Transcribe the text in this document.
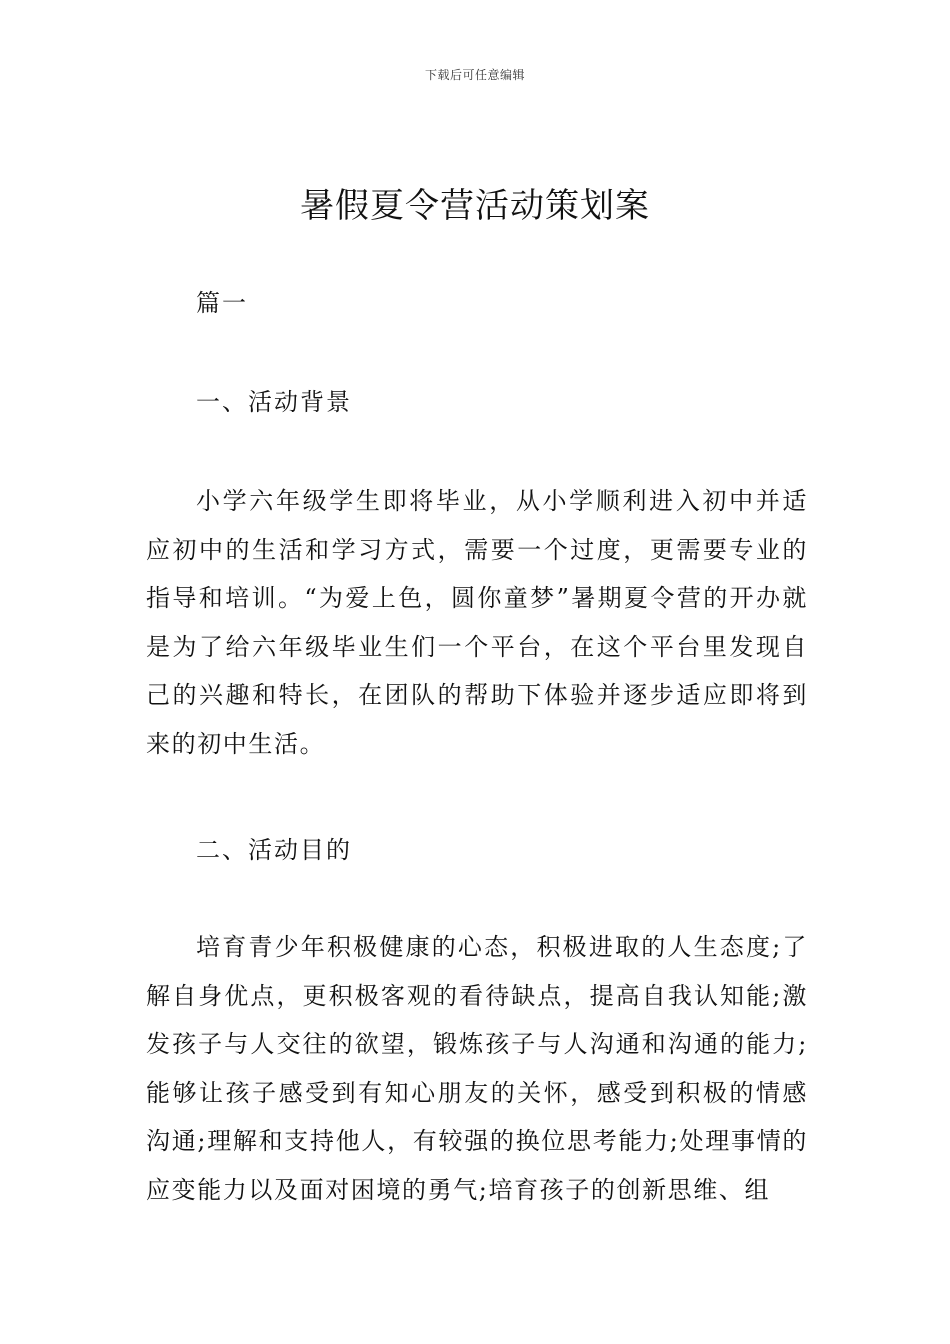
下载后可任意编辑
暑假夏令营活动策划案
篇一
一、活动背景

小学六年级学生即将毕业，从小学顺利进入初中并适应初中的生活和学习方式，需要一个过度，更需要专业的指导和培训。“为爱上色，圆你童梦”暑期夏令营的开办就是为了给六年级毕业生们一个平台，在这个平台里发现自己的兴趣和特长，在团队的帮助下体验并逐步适应即将到来的初中生活。

二、活动目的

培育青少年积极健康的心态，积极进取的人生态度;了解自身优点，更积极客观的看待缺点，提高自我认知能;激发孩子与人交往的欲望，锻炼孩子与人沟通和沟通的能力;能够让孩子感受到有知心朋友的关怀，感受到积极的情感沟通;理解和支持他人，有较强的换位思考能力;处理事情的应变能力以及面对困境的勇气;培育孩子的创新思维、组
